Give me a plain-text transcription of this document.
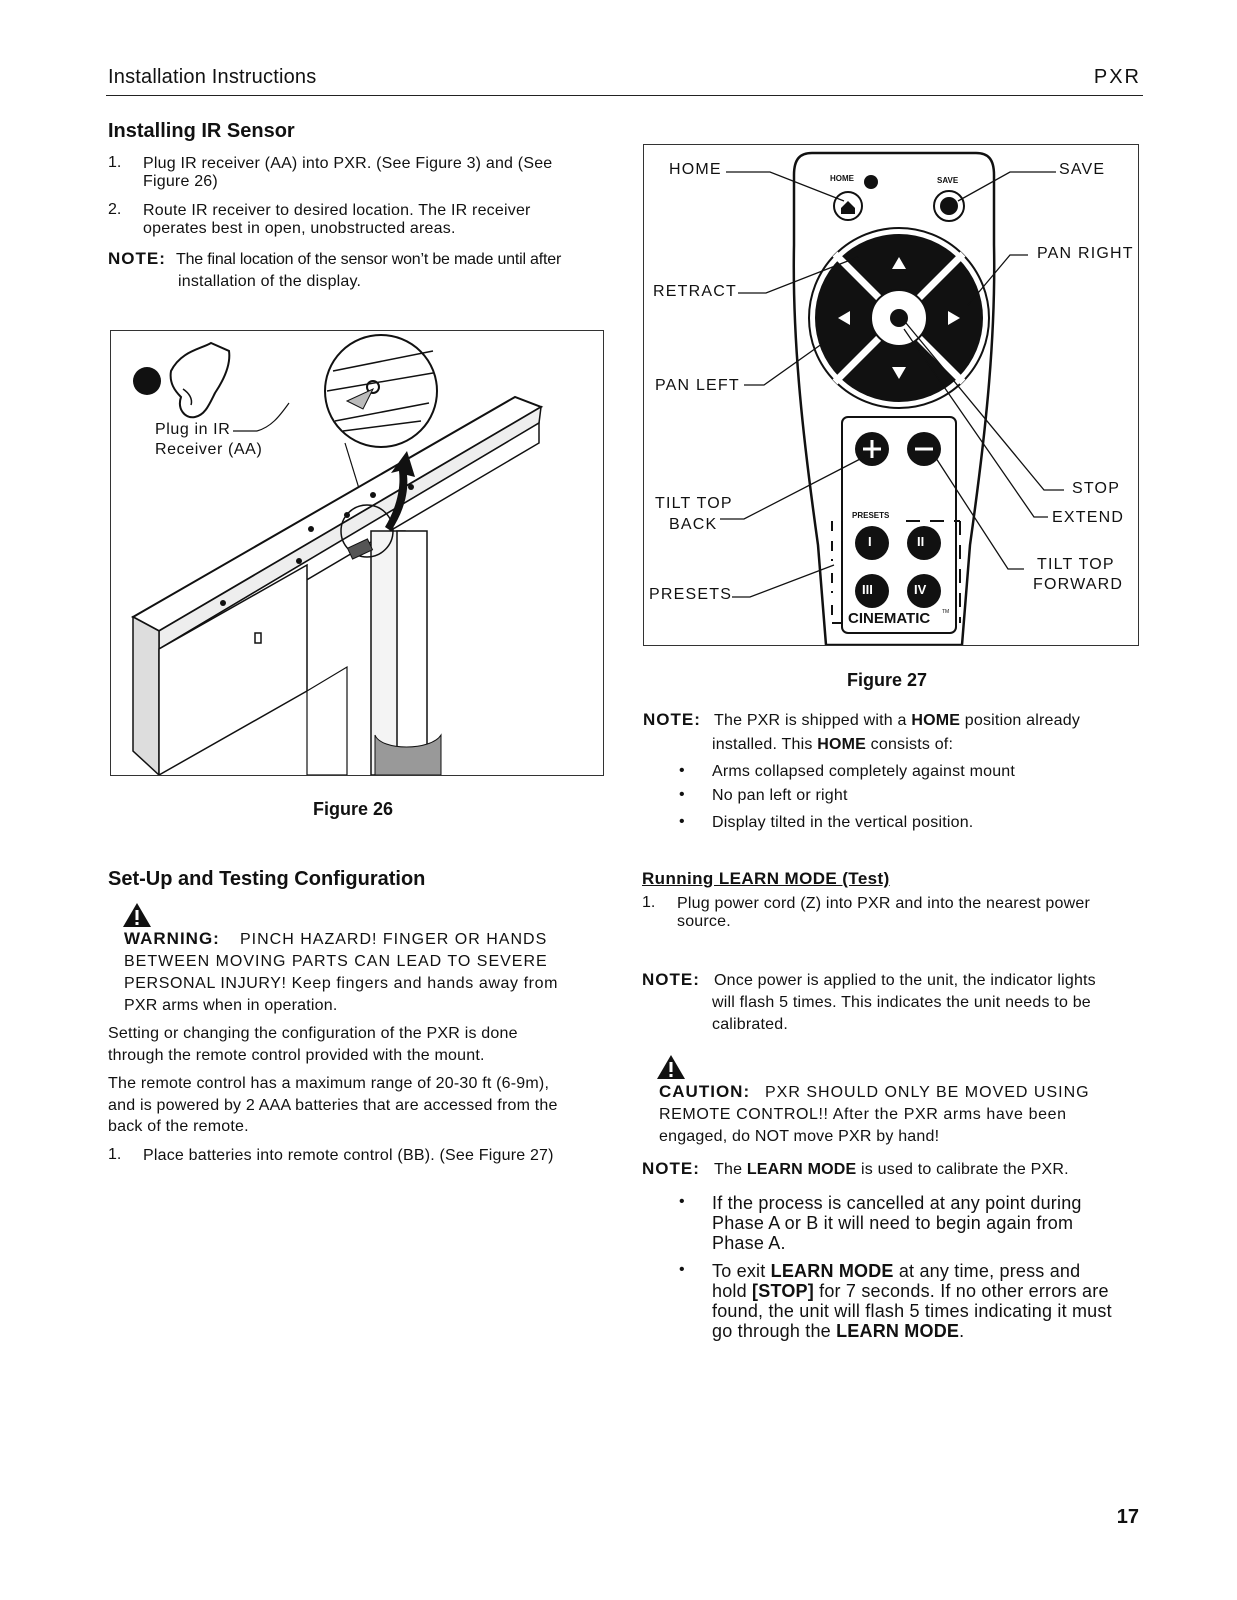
Installation Instructions	PXR
Installing IR Sensor
1. Plug IR receiver (AA) into PXR. (See Figure 3) and (See
Figure 26)
2. Route IR receiver to desired location. The IR receiver
operates best in open, unobstructed areas.
NOTE: The final location of the sensor won’t be made until after
installation of the display.
1
Plug in IR
Receiver (AA)
Figure 26
Set-Up and Testing Configuration
WARNING: PINCH HAZARD! FINGER OR HANDS
BETWEEN MOVING PARTS CAN LEAD TO SEVERE
PERSONAL INJURY! Keep fingers and hands away from
PXR arms when in operation.
Setting or changing the configuration of the PXR is done
through the remote control provided with the mount.
The remote control has a maximum range of 20-30 ft (6-9m),
and is powered by 2 AAA batteries that are accessed from the
back of the remote.
1. Place batteries into remote control (BB). (See Figure 27)
HOME	SAVE
PRESETS
I	II
III	IV
CINEMATIC TM
HOME	SAVE
PAN RIGHT
RETRACT
PAN LEFT
STOP
EXTEND
TILT TOP
BACK
TILT TOP
FORWARD
PRESETS
Figure 27
NOTE: The PXR is shipped with a HOME position already
installed. This HOME consists of:
• Arms collapsed completely against mount
• No pan left or right
• Display tilted in the vertical position.
Running LEARN MODE (Test)
1. Plug power cord (Z) into PXR and into the nearest power
source.
NOTE: Once power is applied to the unit, the indicator lights
will flash 5 times. This indicates the unit needs to be
calibrated.
CAUTION: PXR SHOULD ONLY BE MOVED USING
REMOTE CONTROL!! After the PXR arms have been
engaged, do NOT move PXR by hand!
NOTE: The LEARN MODE is used to calibrate the PXR.
• If the process is cancelled at any point during
Phase A or B it will need to begin again from
Phase A.
• To exit LEARN MODE at any time, press and
hold [STOP] for 7 seconds. If no other errors are
found, the unit will flash 5 times indicating it must
go through the LEARN MODE.
17
